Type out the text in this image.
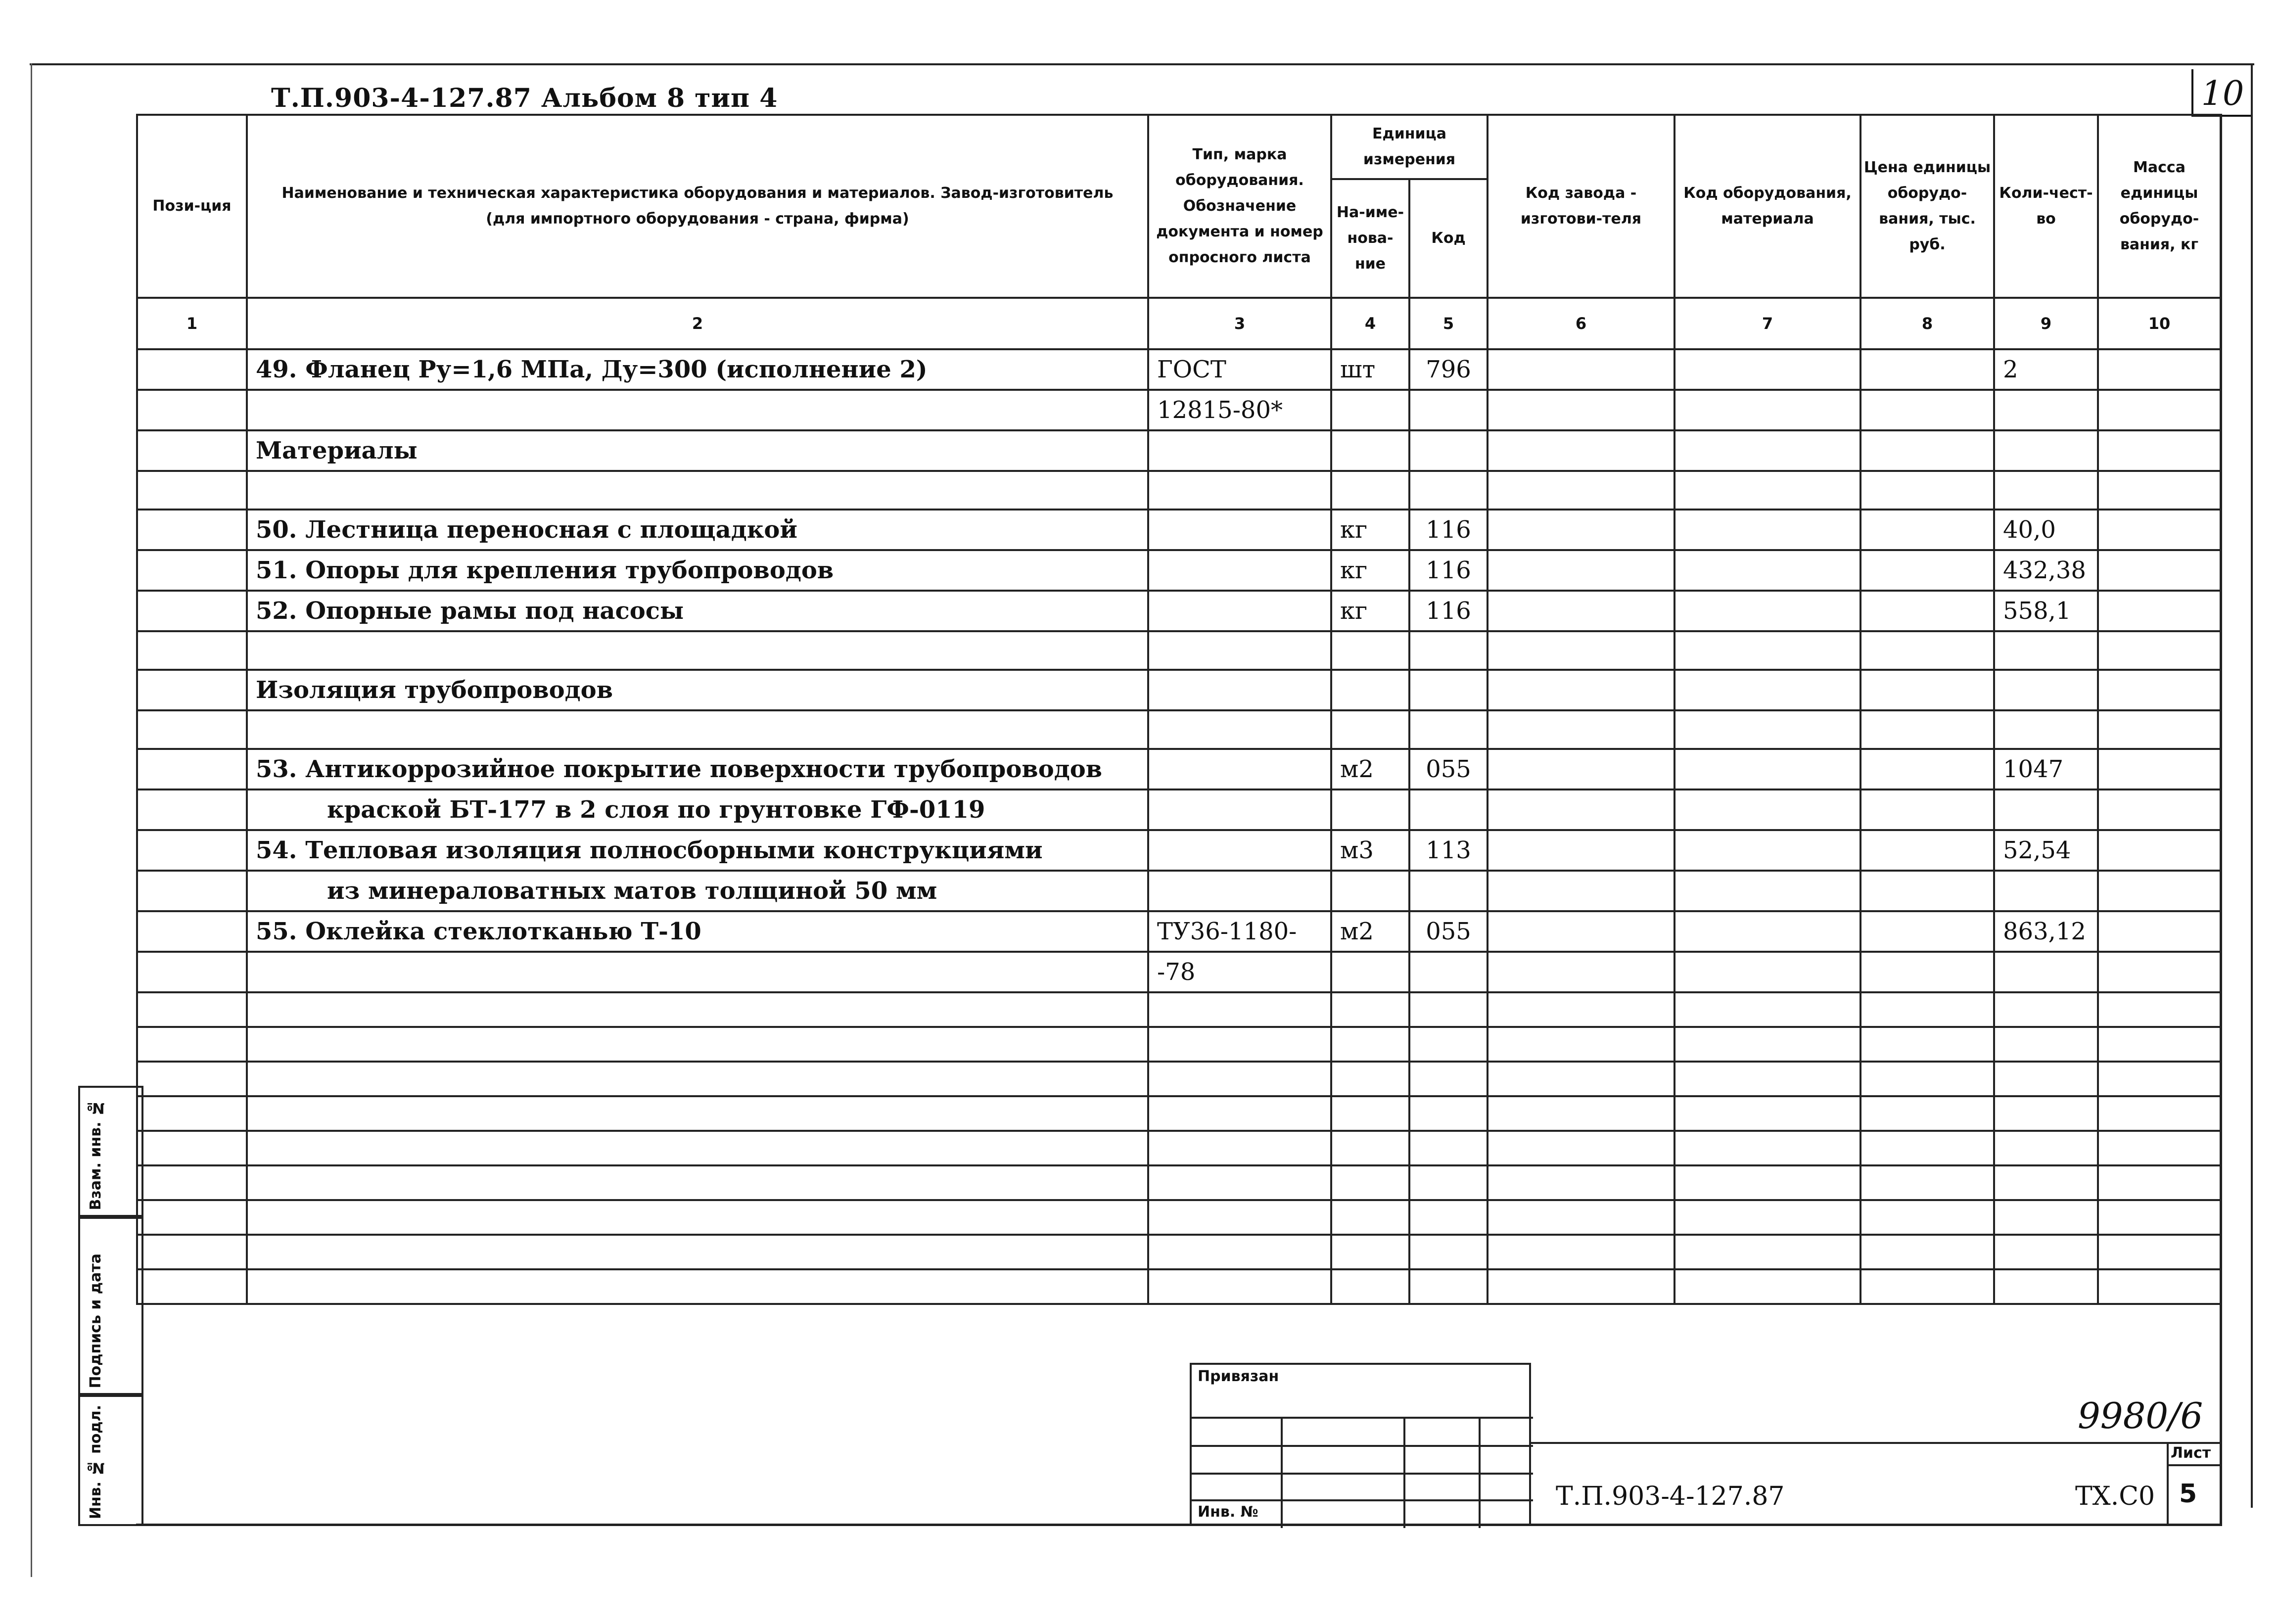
10
Т.П.903-4-127.87 Альбом 8 тип 4
Пози-ция	Наименование и техническая характеристика оборудования и материалов. Завод-изготовитель (для импортного оборудования - страна, фирма)	Тип, марка оборудования. Обозначение документа и номер опросного листа	Единица измерения		Код завода - изготови-теля	Код оборудования, материала	Цена единицы оборудо-вания, тыс. руб.	Коли-чест-во	Масса единицы оборудо-вания, кг
			На-име-нова-ние	Код					
1	2	3	4	5	6	7	8	9	10
	49. Фланец Ру=1,6 МПа, Ду=300 (исполнение 2)	ГОСТ	шт	796				2	
		12815-80*							
	Материалы								

	50. Лестница переносная с площадкой		кг	116				40,0	
	51. Опоры для крепления трубопроводов		кг	116				432,38	
	52. Опорные рамы под насосы		кг	116				558,1	

	Изоляция трубопроводов								

	53. Антикоррозийное покрытие поверхности трубопроводов		м2	055				1047	
	краской БТ-177 в 2 слоя по грунтовке ГФ-0119								
	54. Тепловая изоляция полносборными конструкциями		м3	113				52,54	
	из минераловатных матов толщиной 50 мм								
	55. Оклейка стеклотканью Т-10	ТУ36-1180-	м2	055				863,12	
		-78							

Взам. инв. №
Подпись и дата
Инв. № подл.
Привязан
Инв. №
9980/6
Т.П.903-4-127.87	ТХ.С0
Лист
5
